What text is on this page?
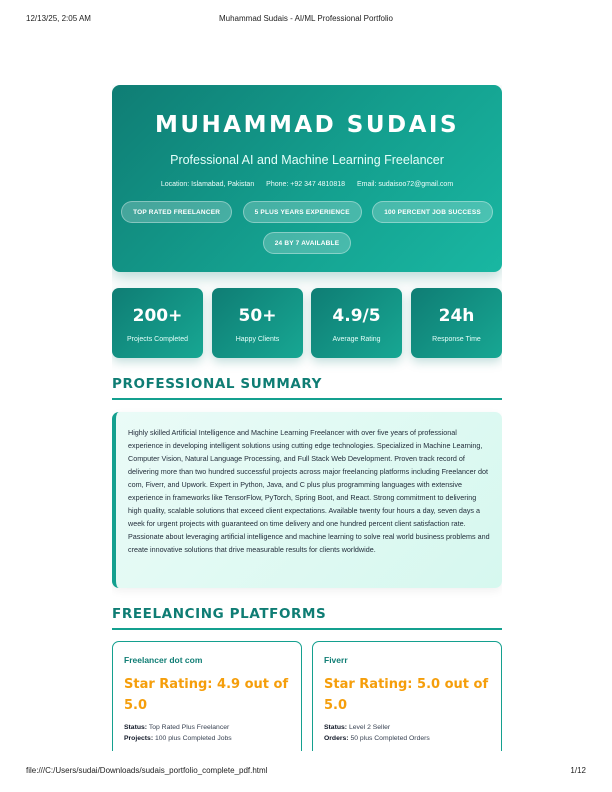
12/13/25, 2:05 AM	Muhammad Sudais - AI/ML Professional Portfolio
MUHAMMAD SUDAIS
Professional AI and Machine Learning Freelancer
Location: Islamabad, Pakistan Phone: +92 347 4810818 Email: sudaisoo72@gmail.com
TOP RATED FREELANCER	5 PLUS YEARS EXPERIENCE	100 PERCENT JOB SUCCESS
24 BY 7 AVAILABLE
200+
Projects Completed
50+
Happy Clients
4.9/5
Average Rating
24h
Response Time
PROFESSIONAL SUMMARY

Highly skilled Artificial Intelligence and Machine Learning Freelancer with over five years of professional experience in developing intelligent solutions using cutting edge technologies. Specialized in Machine Learning, Computer Vision, Natural Language Processing, and Full Stack Web Development. Proven track record of delivering more than two hundred successful projects across major freelancing platforms including Freelancer dot com, Fiverr, and Upwork. Expert in Python, Java, and C plus plus programming languages with extensive experience in frameworks like TensorFlow, PyTorch, Spring Boot, and React. Strong commitment to delivering high quality, scalable solutions that exceed client expectations. Available twenty four hours a day, seven days a week for urgent projects with guaranteed on time delivery and one hundred percent client satisfaction rate. Passionate about leveraging artificial intelligence and machine learning to solve real world business problems and create innovative solutions that drive measurable results for clients worldwide.

FREELANCING PLATFORMS
Freelancer dot com
Star Rating: 4.9 out of 5.0
Status: Top Rated Plus Freelancer
Projects: 100 plus Completed Jobs
Fiverr
Star Rating: 5.0 out of 5.0
Status: Level 2 Seller
Orders: 50 plus Completed Orders
file:///C:/Users/sudai/Downloads/sudais_portfolio_complete_pdf.html	1/12
